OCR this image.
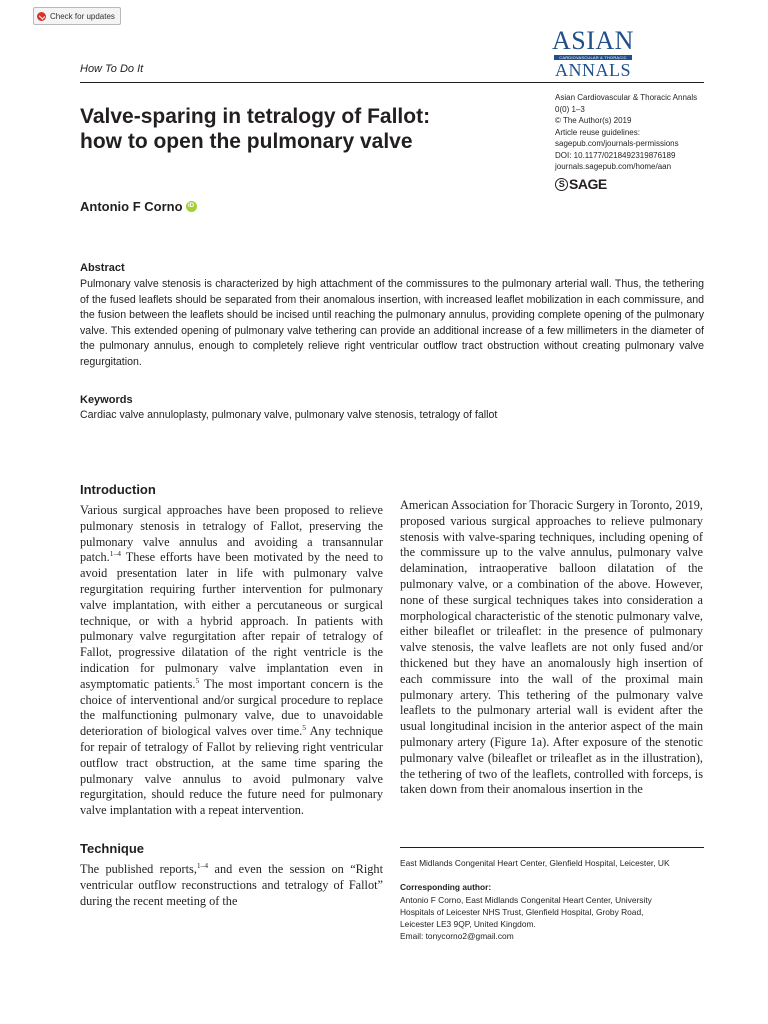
Check for updates
How To Do It
ASIAN
CARDIOVASCULAR & THORACIC
ANNALS
Asian Cardiovascular & Thoracic Annals
0(0) 1–3
© The Author(s) 2019
Article reuse guidelines:
sagepub.com/journals-permissions
DOI: 10.1177/0218492319876189
journals.sagepub.com/home/aan
S SAGE
Valve-sparing in tetralogy of Fallot:
how to open the pulmonary valve
Antonio F Corno iD
Abstract

Pulmonary valve stenosis is characterized by high attachment of the commissures to the pulmonary arterial wall. Thus, the tethering of the fused leaflets should be separated from their anomalous insertion, with increased leaflet mobilization in each commissure, and the fusion between the leaflets should be incised until reaching the pulmonary annulus, providing complete opening of the pulmonary valve. This extended opening of pulmonary valve tethering can provide an additional increase of a few millimeters in the diameter of the pulmonary annulus, enough to completely relieve right ventricular outflow tract obstruction without creating pulmonary valve regurgitation.

Keywords
Cardiac valve annuloplasty, pulmonary valve, pulmonary valve stenosis, tetralogy of fallot
Introduction

Various surgical approaches have been proposed to relieve pulmonary stenosis in tetralogy of Fallot, preserving the pulmonary valve annulus and avoiding a transannular patch.$^{1-4}$ These efforts have been motivated by the need to avoid presentation later in life with pulmonary valve regurgitation requiring further intervention for pulmonary valve implantation, with either a percutaneous or surgical technique, or with a hybrid approach. In patients with pulmonary valve regurgitation after repair of tetralogy of Fallot, progressive dilatation of the right ventricle is the indication for pulmonary valve implantation even in asymptomatic patients.$^5$ The most important concern is the choice of interventional and/or surgical procedure to replace the malfunctioning pulmonary valve, due to unavoidable deterioration of biological valves over time.$^5$ Any technique for repair of tetralogy of Fallot by relieving right ventricular outflow tract obstruction, at the same time sparing the pulmonary valve annulus to avoid pulmonary valve regurgitation, should reduce the future need for pulmonary valve implantation with a repeat intervention.

Technique

The published reports,$^{1-4}$ and even the session on “Right ventricular outflow reconstructions and tetralogy of Fallot” during the recent meeting of the

American Association for Thoracic Surgery in Toronto, 2019, proposed various surgical approaches to relieve pulmonary stenosis with valve-sparing techniques, including opening of the commissure up to the valve annulus, pulmonary valve delamination, intraoperative balloon dilatation of the pulmonary valve, or a combination of the above. However, none of these surgical techniques takes into consideration a morphological characteristic of the stenotic pulmonary valve, either bileaflet or trileaflet: in the presence of pulmonary valve stenosis, the valve leaflets are not only fused and/or thickened but they have an anomalously high insertion of each commissure into the wall of the proximal main pulmonary artery. This tethering of the pulmonary valve leaflets to the pulmonary arterial wall is evident after the usual longitudinal incision in the anterior aspect of the main pulmonary artery (Figure 1a). After exposure of the stenotic pulmonary valve (bileaflet or trileaflet as in the illustration), the tethering of two of the leaflets, controlled with forceps, is taken down from their anomalous insertion in the

East Midlands Congenital Heart Center, Glenfield Hospital, Leicester, UK
Corresponding author:
Antonio F Corno, East Midlands Congenital Heart Center, University
Hospitals of Leicester NHS Trust, Glenfield Hospital, Groby Road,
Leicester LE3 9QP, United Kingdom.
Email: tonycorno2@gmail.com
